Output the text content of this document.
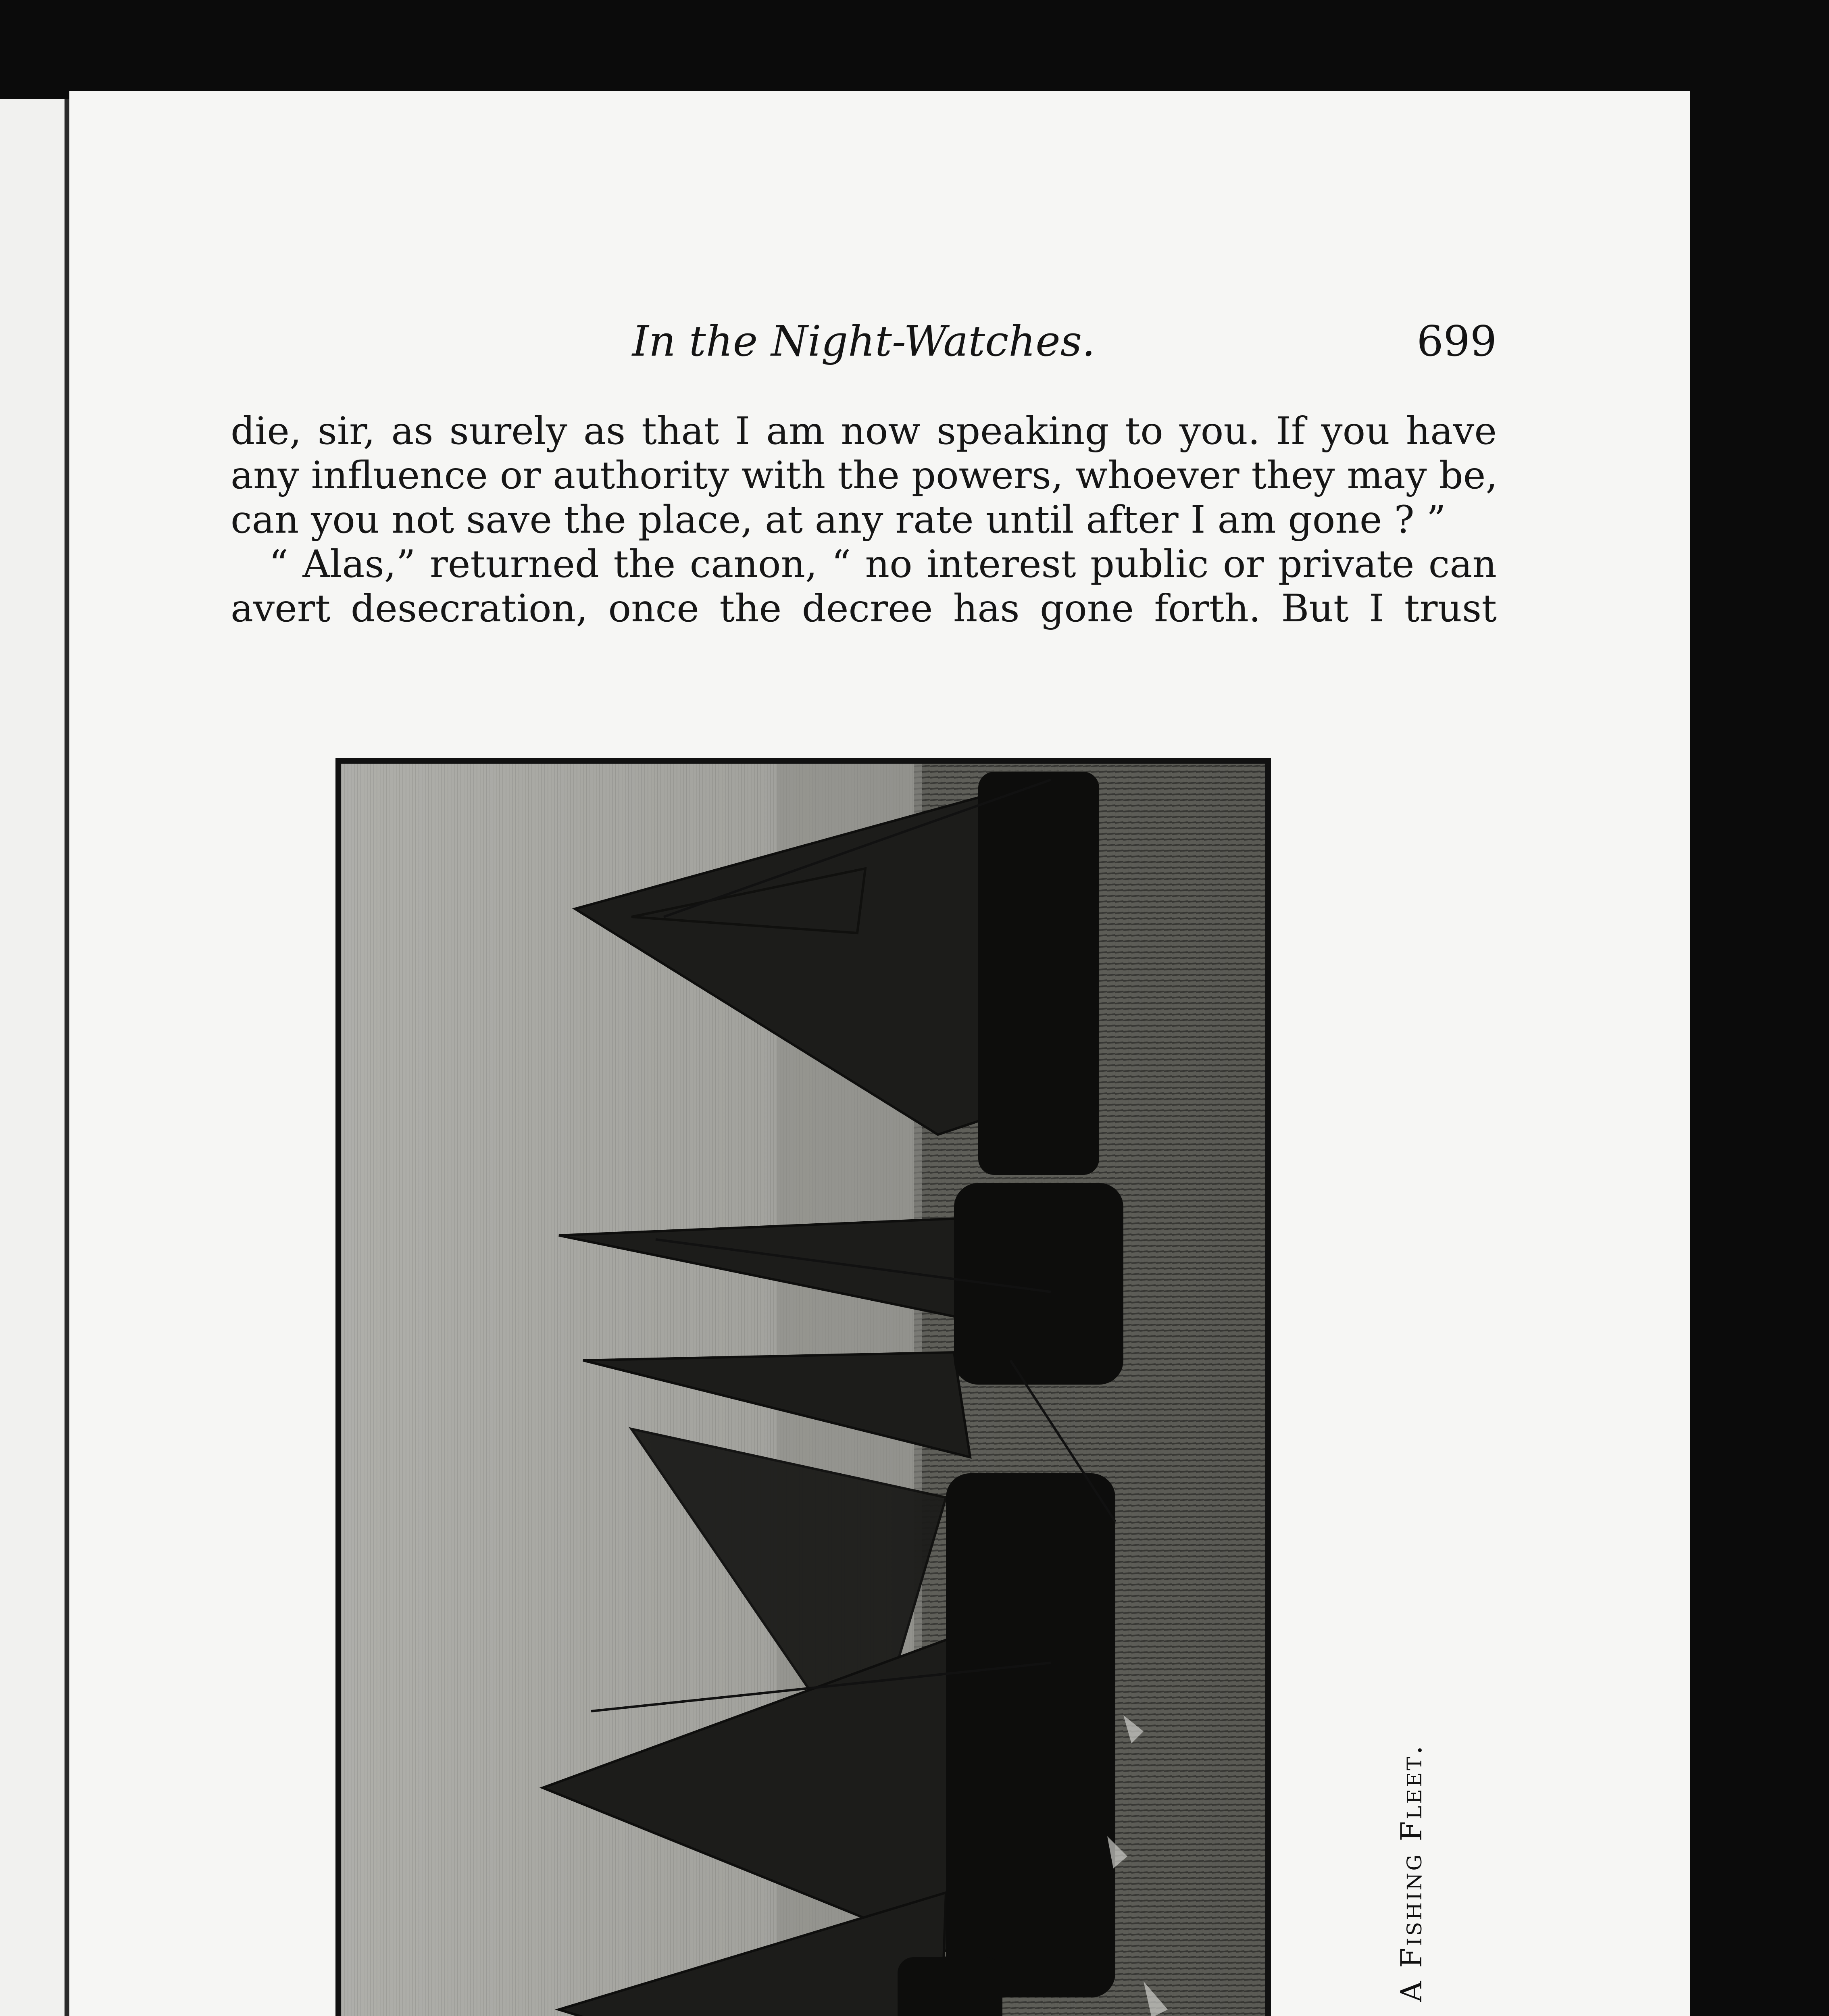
In the Night-Watches.	699
die, sir, as surely as that I am now speaking to you. If you have
any influence or authority with the powers, whoever they may be,
can you not save the place, at any rate until after I am gone ? ”
“ Alas,” returned the canon, “ no interest public or private can
avert desecration, once the decree has gone forth. But I trust
A Fishing Fleet.
